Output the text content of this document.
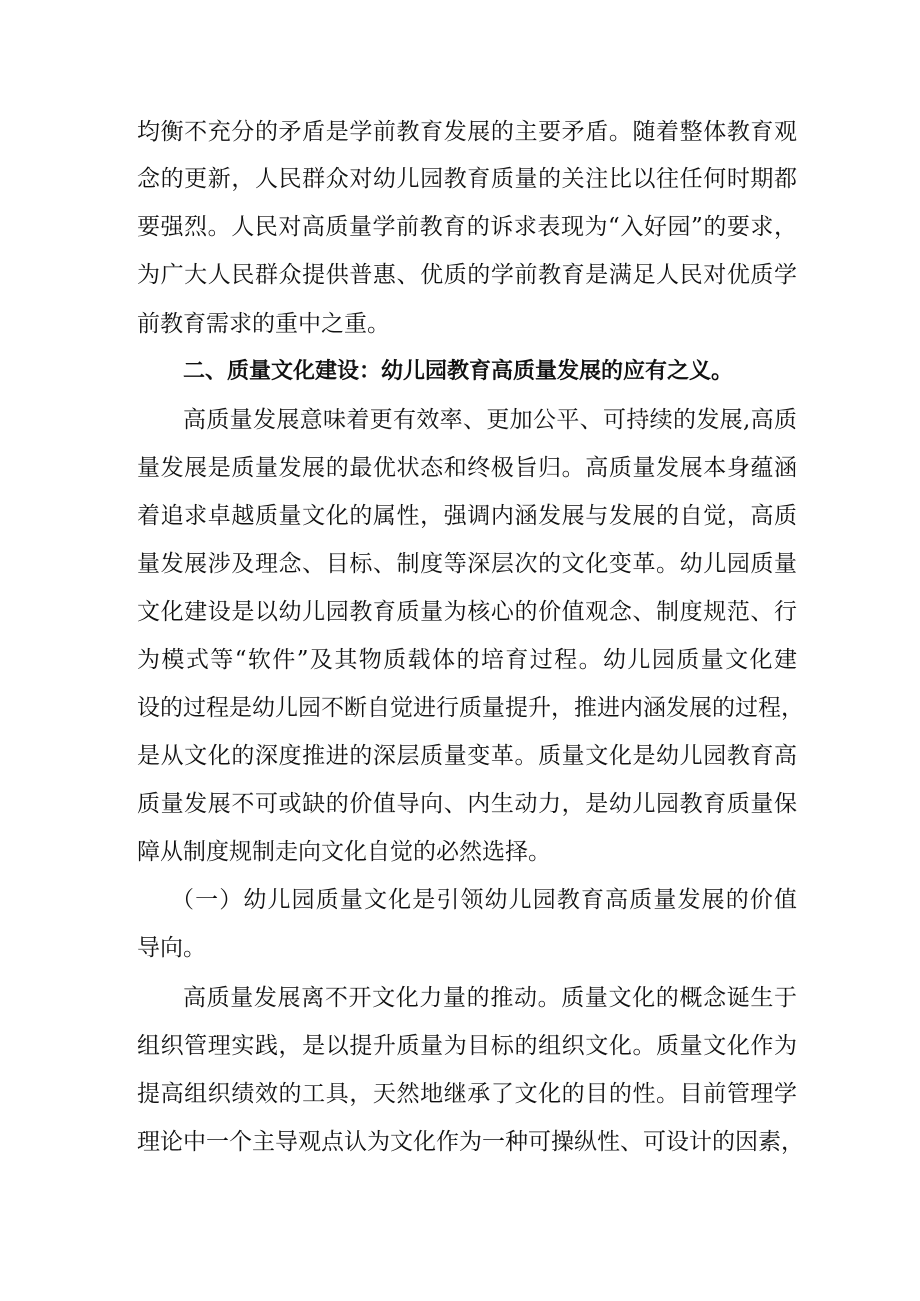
均衡不充分的矛盾是学前教育发展的主要矛盾。随着整体教育观
念的更新，人民群众对幼儿园教育质量的关注比以往任何时期都
要强烈。人民对高质量学前教育的诉求表现为“入好园”的要求，
为广大人民群众提供普惠、优质的学前教育是满足人民对优质学
前教育需求的重中之重。
二、质量文化建设：幼儿园教育高质量发展的应有之义。
高质量发展意味着更有效率、更加公平、可持续的发展,高质
量发展是质量发展的最优状态和终极旨归。高质量发展本身蕴涵
着追求卓越质量文化的属性，强调内涵发展与发展的自觉，高质
量发展涉及理念、目标、制度等深层次的文化变革。幼儿园质量
文化建设是以幼儿园教育质量为核心的价值观念、制度规范、行
为模式等“软件”及其物质载体的培育过程。幼儿园质量文化建
设的过程是幼儿园不断自觉进行质量提升，推进内涵发展的过程，
是从文化的深度推进的深层质量变革。质量文化是幼儿园教育高
质量发展不可或缺的价值导向、内生动力，是幼儿园教育质量保
障从制度规制走向文化自觉的必然选择。
（一）幼儿园质量文化是引领幼儿园教育高质量发展的价值
导向。
高质量发展离不开文化力量的推动。质量文化的概念诞生于
组织管理实践，是以提升质量为目标的组织文化。质量文化作为
提高组织绩效的工具，天然地继承了文化的目的性。目前管理学
理论中一个主导观点认为文化作为一种可操纵性、可设计的因素，
